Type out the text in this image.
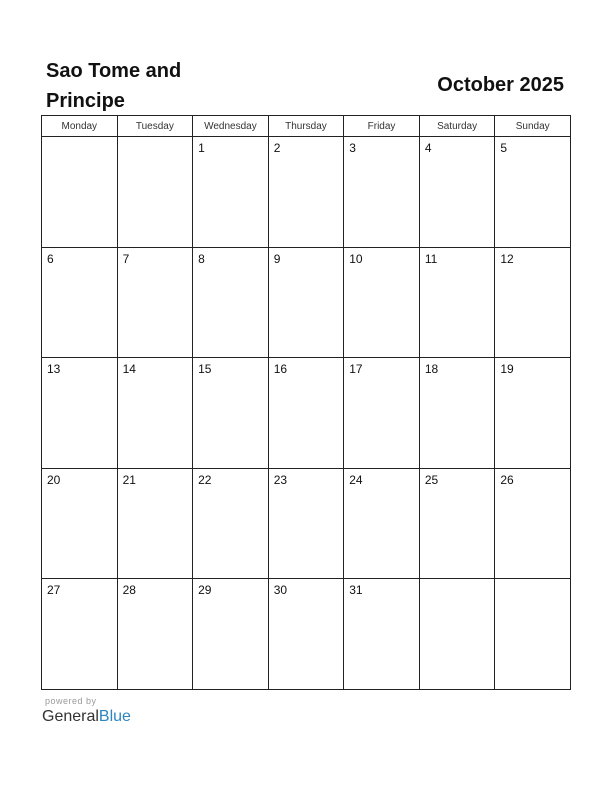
Sao Tome and Principe
October 2025
Monday	Tuesday	Wednesday	Thursday	Friday	Saturday	Sunday

		1	2	3	4	5

6	7	8	9	10	11	12

13	14	15	16	17	18	19

20	21	22	23	24	25	26

27	28	29	30	31		

powered by
GeneralBlue
